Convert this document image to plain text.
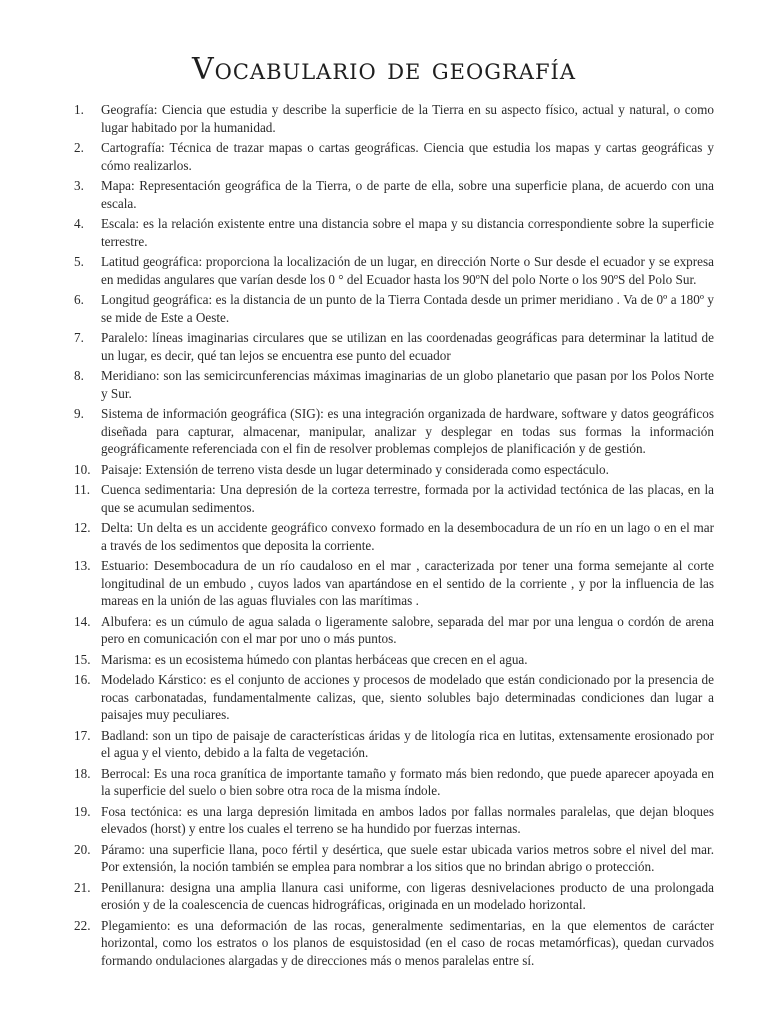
Vocabulario de geografía
1.	Geografía: Ciencia que estudia y describe la superficie de la Tierra en su aspecto físico, actual y natural, o como lugar habitado por la humanidad.
2.	Cartografía: Técnica de trazar mapas o cartas geográficas. Ciencia que estudia los mapas y cartas geográficas y cómo realizarlos.
3.	Mapa: Representación geográfica de la Tierra, o de parte de ella, sobre una superficie plana, de acuerdo con una escala.
4.	Escala: es la relación existente entre una distancia sobre el mapa y su distancia correspondiente sobre la superficie terrestre.
5.	Latitud geográfica: proporciona la localización de un lugar, en dirección Norte o Sur desde el ecuador y se expresa en medidas angulares que varían desde los 0 ° del Ecuador hasta los 90ºN del polo Norte o los 90ºS del Polo Sur.
6.	Longitud geográfica: es la distancia de un punto de la Tierra Contada desde un primer meridiano . Va de 0º a 180º y se mide de Este a Oeste.
7.	Paralelo: líneas imaginarias circulares que se utilizan en las coordenadas geográficas para determinar la latitud de un lugar, es decir, qué tan lejos se encuentra ese punto del ecuador
8.	Meridiano: son las semicircunferencias máximas imaginarias de un globo planetario que pasan por los Polos Norte y Sur.
9.	Sistema de información geográfica (SIG): es una integración organizada de hardware, software y datos geográficos diseñada para capturar, almacenar, manipular, analizar y desplegar en todas sus formas la información geográficamente referenciada con el fin de resolver problemas complejos de planificación y de gestión.
10. Paisaje: Extensión de terreno vista desde un lugar determinado y considerada como espectáculo.
11. Cuenca sedimentaria: Una depresión de la corteza terrestre, formada por la actividad tectónica de las placas, en la que se acumulan sedimentos.
12. Delta: Un delta es un accidente geográfico convexo formado en la desembocadura de un río en un lago o en el mar a través de los sedimentos que deposita la corriente.
13. Estuario: Desembocadura de un río caudaloso en el mar , caracterizada por tener una forma semejante al corte longitudinal de un embudo , cuyos lados van apartándose en el sentido de la corriente , y por la influencia de las mareas en la unión de las aguas fluviales con las marítimas .
14. Albufera: es un cúmulo de agua salada o ligeramente salobre, separada del mar por una lengua o cordón de arena pero en comunicación con el mar por uno o más puntos.
15. Marisma: es un ecosistema húmedo con plantas herbáceas que crecen en el agua.
16. Modelado Kárstico: es el conjunto de acciones y procesos de modelado que están condicionado por la presencia de rocas carbonatadas, fundamentalmente calizas, que, siento solubles bajo determinadas condiciones dan lugar a paisajes muy peculiares.
17. Badland: son un tipo de paisaje de características áridas y de litología rica en lutitas, extensamente erosionado por el agua y el viento, debido a la falta de vegetación.
18. Berrocal: Es una roca granítica de importante tamaño y formato más bien redondo, que puede aparecer apoyada en la superficie del suelo o bien sobre otra roca de la misma índole.
19. Fosa tectónica: es una larga depresión limitada en ambos lados por fallas normales paralelas, que dejan bloques elevados (horst) y entre los cuales el terreno se ha hundido por fuerzas internas.
20. Páramo: una superficie llana, poco fértil y desértica, que suele estar ubicada varios metros sobre el nivel del mar. Por extensión, la noción también se emplea para nombrar a los sitios que no brindan abrigo o protección.
21. Penillanura: designa una amplia llanura casi uniforme, con ligeras desnivelaciones producto de una prolongada erosión y de la coalescencia de cuencas hidrográficas, originada en un modelado horizontal.
22. Plegamiento: es una deformación de las rocas, generalmente sedimentarias, en la que elementos de carácter horizontal, como los estratos o los planos de esquistosidad (en el caso de rocas metamórficas), quedan curvados formando ondulaciones alargadas y de direcciones más o menos paralelas entre sí.
